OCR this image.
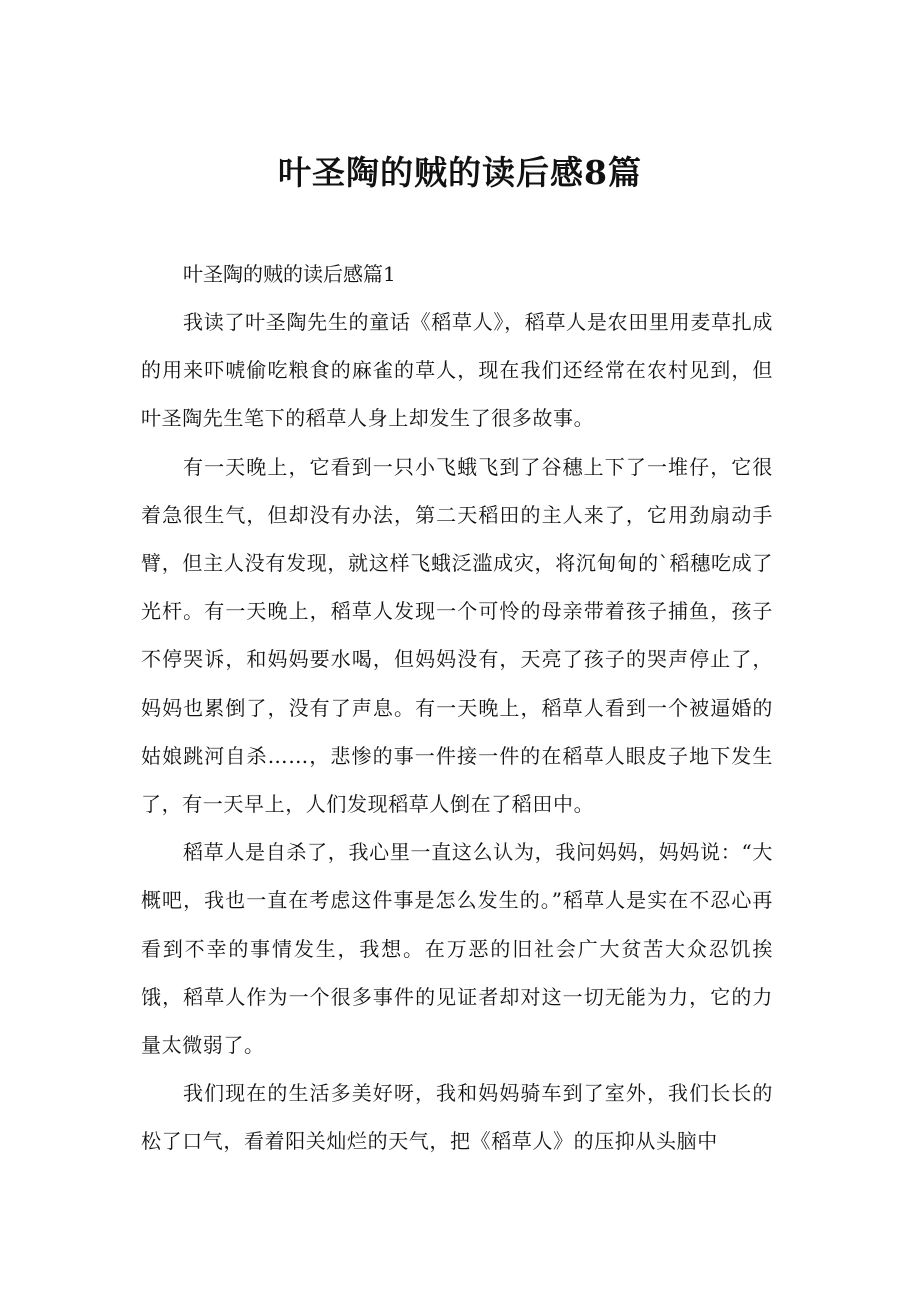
叶圣陶的贼的读后感8篇

叶圣陶的贼的读后感篇1

我读了叶圣陶先生的童话《稻草人》，稻草人是农田里用麦草扎成的用来吓唬偷吃粮食的麻雀的草人，现在我们还经常在农村见到，但叶圣陶先生笔下的稻草人身上却发生了很多故事。

有一天晚上，它看到一只小飞蛾飞到了谷穗上下了一堆仔，它很着急很生气，但却没有办法，第二天稻田的主人来了，它用劲扇动手臂，但主人没有发现，就这样飞蛾泛滥成灾，将沉甸甸的`稻穗吃成了光杆。有一天晚上，稻草人发现一个可怜的母亲带着孩子捕鱼，孩子不停哭诉，和妈妈要水喝，但妈妈没有，天亮了孩子的哭声停止了，妈妈也累倒了，没有了声息。有一天晚上，稻草人看到一个被逼婚的姑娘跳河自杀……，悲惨的事一件接一件的在稻草人眼皮子地下发生了，有一天早上，人们发现稻草人倒在了稻田中。

稻草人是自杀了，我心里一直这么认为，我问妈妈，妈妈说：“大概吧，我也一直在考虑这件事是怎么发生的。”稻草人是实在不忍心再看到不幸的事情发生，我想。在万恶的旧社会广大贫苦大众忍饥挨饿，稻草人作为一个很多事件的见证者却对这一切无能为力，它的力量太微弱了。

我们现在的生活多美好呀，我和妈妈骑车到了室外，我们长长的松了口气，看着阳关灿烂的天气，把《稻草人》的压抑从头脑中
